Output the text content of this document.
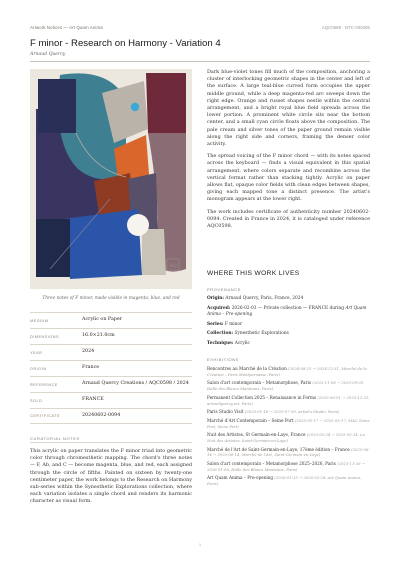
Artwork Notices — Art Quam Anima	AQC0598 · NTC-000295
F minor - Research on Harmony - Variation 4
Arnaud Quercy
AQ
Three notes of F minor, made visible in magenta, blue, and red
MEDIUM	Acrylic on Paper
DIMENSIONS	16.0×21.0cm
YEAR	2024
ORIGIN	France
REFERENCE	Arnaud Quercy Creations / AQC0598 / 2024
SOLD	FRANCE
CERTIFICATE	20240602-0094
CURATORIAL NOTES

This acrylic on paper translates the F minor triad into geometric color through chromesthetic mapping. The chord's three notes — F, Ab, and C — become magenta, blue, and red, each assigned through the circle of fifths. Painted on sixteen by twenty-one centimeter paper, the work belongs to the Research on Harmony sub-series within the Synesthetic Explorations collection, where each variation isolates a single chord and renders its harmonic character as visual form.

Dark blue-violet tones fill much of the composition, anchoring a cluster of interlocking geometric shapes in the center and left of the surface. A large teal-blue curved form occupies the upper middle ground, while a deep magenta-red arc sweeps down the right edge. Orange and russet shapes nestle within the central arrangement, and a bright royal blue field spreads across the lower portion. A prominent white circle sits near the bottom center, and a small cyan circle floats above the composition. The pale cream and silver tones of the paper ground remain visible along the right side and corners, framing the denser color activity.

The spread voicing of the F minor chord — with its notes spaced across the keyboard — finds a visual equivalent in this spatial arrangement, where colors separate and recombine across the vertical format rather than stacking tightly. Acrylic on paper allows flat, opaque color fields with clean edges between shapes, giving each mapped tone a distinct presence. The artist's monogram appears at the lower right.

The work includes certificate of authenticity number 20240602-0094. Created in France in 2024, it is cataloged under reference AQC0598.

WHERE THIS WORK LIVES
PROVENANCE
Origin: Arnaud Quercy, Paris, France, 2024
Acquired: 2026-02-03 — Private collection — FRANCE during Art Quam Anima – Pre-opening
Series: F minor
Collection: Synesthetic Explorations
Technique: Acrylic
EXHIBITIONS
Rencontres au Marché de la Création (2024-08-25 → 2024-12-31, Marché de la Création – Paris Montparnasse, Paris)
Salon d'art contemporain – Metamorphose, Paris (2025-11-06 → 2025-09-05, Halle des Blancs Manteaux, Paris)
Permanent Collection 2025 – Renaissance in Forms (2025-06-01 → 2025-12-31, artandquercy.art, Paris)
Paris Studio Visit (2025-01-16 → 2025-07-30, Artist's Studio, Paris)
Marché d'Art Contemporain – Seine Port (2025-05-17 → 2025-05-17, MAC Seine Port, Seine Port)
Nuit des Artistes, St Germain-en-Laye, France (2025-05-24 → 2025-05-24, La Nuit des Artistes, Saint-Germain-en-Laye)
Marché de l'Art de Saint-Germain-en-Laye, 17ème édition – France (2025-06-14 → 2025-06-14, Marché de l'Art, Saint-Germain-en-Laye)
Salon d'art contemporain – Metamorphose 2025–2026, Paris (2025-11-26 → 2026-01-06, Halle des Blancs Manteaux, Paris)
Art Quam Anima – Pre-opening (2026-01-15 → 2026-02-28, Art Quam Anima, Paris)
1
